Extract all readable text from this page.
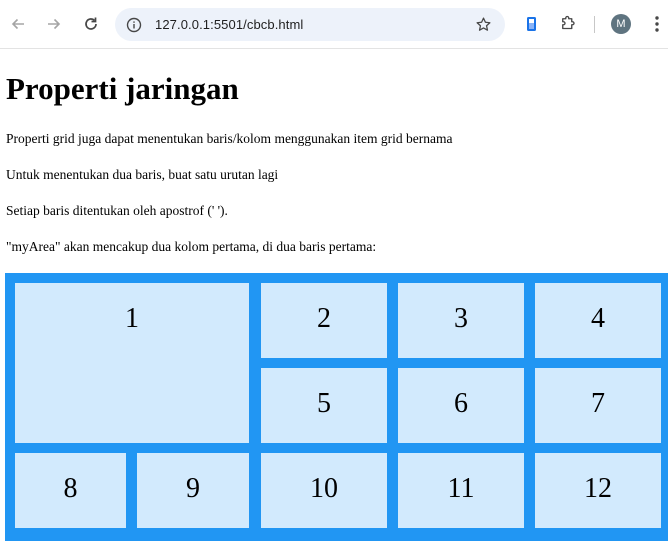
127.0.0.1:5501/cbcb.html	M
Properti jaringan

Properti grid juga dapat menentukan baris/kolom menggunakan item grid bernama

Untuk menentukan dua baris, buat satu urutan lagi

Setiap baris ditentukan oleh apostrof (' ').

"myArea" akan mencakup dua kolom pertama, di dua baris pertama:

1	2	3	4
5	6	7
8	9	10	11	12
